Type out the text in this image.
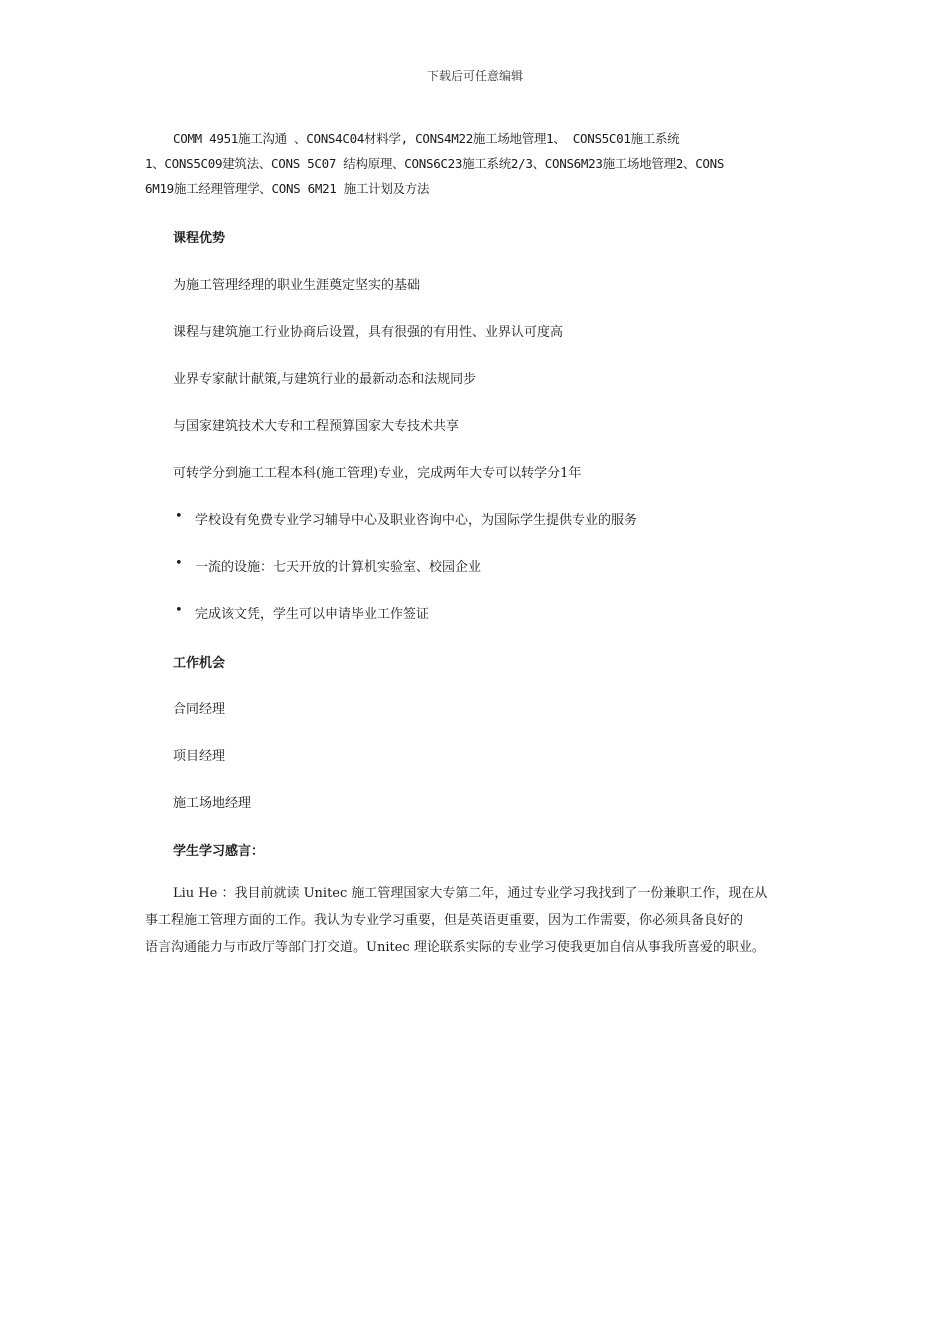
下载后可任意编辑
COMM 4951施工沟通 、CONS4C04材料学, CONS4M22施工场地管理1、 CONS5C01施工系统
1、CONS5C09建筑法、CONS 5C07 结构原理、CONS6C23施工系统2/3、CONS6M23施工场地管理2、CONS
6M19施工经理管理学、CONS 6M21 施工计划及方法
课程优势
为施工管理经理的职业生涯奠定坚实的基础
课程与建筑施工行业协商后设置，具有很强的有用性、业界认可度高
业界专家献计献策,与建筑行业的最新动态和法规同步
与国家建筑技术大专和工程预算国家大专技术共享
可转学分到施工工程本科(施工管理)专业，完成两年大专可以转学分1年
• 学校设有免费专业学习辅导中心及职业咨询中心，为国际学生提供专业的服务
• 一流的设施：七天开放的计算机实验室、校园企业
• 完成该文凭，学生可以申请毕业工作签证
工作机会
合同经理
项目经理
施工场地经理
学生学习感言：
Liu He ：我目前就读 Unitec 施工管理国家大专第二年，通过专业学习我找到了一份兼职工作，现在从
事工程施工管理方面的工作。我认为专业学习重要，但是英语更重要，因为工作需要，你必须具备良好的
语言沟通能力与市政厅等部门打交道。Unitec 理论联系实际的专业学习使我更加自信从事我所喜爱的职业。
